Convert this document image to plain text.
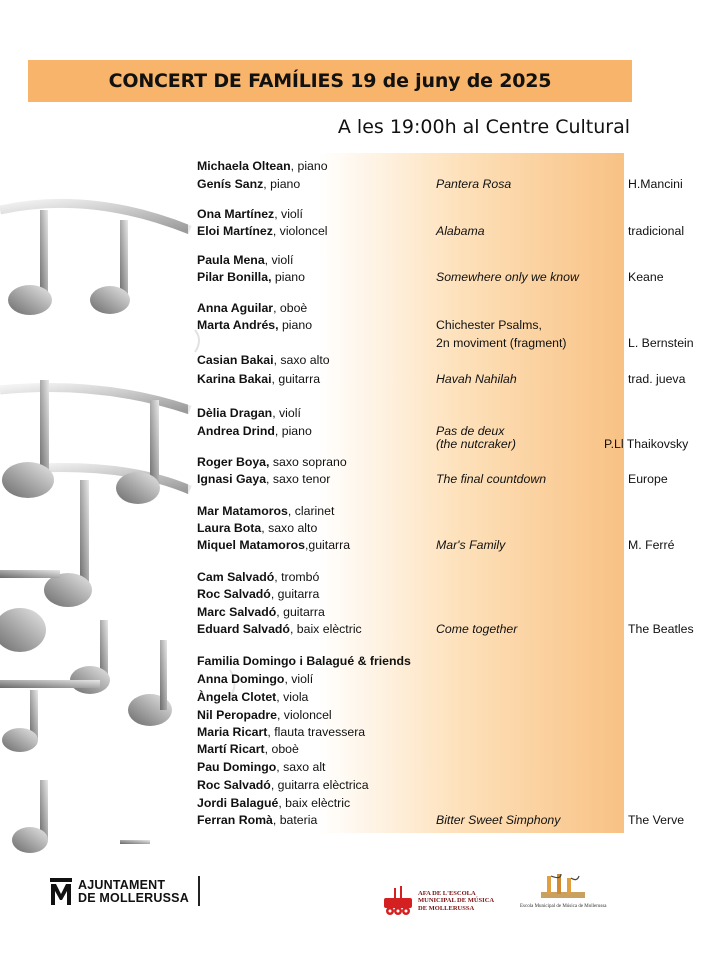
CONCERT DE FAMÍLIES 19 de juny de 2025
A les 19:00h al Centre Cultural
Michaela Oltean, piano
Genís Sanz, piano	Pantera Rosa	H.Mancini
Ona Martínez, violí
Eloi Martínez, violoncel	Alabama	tradicional
Paula Mena, violí
Pilar Bonilla, piano	Somewhere only we know	Keane
Anna Aguilar, oboè
Marta Andrés, piano	Chichester Psalms,
2n moviment (fragment)	L. Bernstein
Casian Bakai, saxo alto
Karina Bakai, guitarra	Havah Nahilah	trad. jueva
Dèlia Dragan, violí
Andrea Drind, piano	Pas de deux
(the nutcraker)	P.Ll Thaikovsky
Roger Boya, saxo soprano
Ignasi Gaya, saxo tenor	The final countdown	Europe
Mar Matamoros, clarinet
Laura Bota, saxo alto
Miquel Matamoros,guitarra	Mar's Family	M. Ferré
Cam Salvadó, trombó
Roc Salvadó, guitarra
Marc Salvadó, guitarra
Eduard Salvadó, baix elèctric	Come together	The Beatles
Familia Domingo i Balagué & friends
Anna Domingo, violí
Àngela Clotet, viola
Nil Peropadre, violoncel
Maria Ricart, flauta travessera
Martí Ricart, oboè
Pau Domingo, saxo alt
Roc Salvadó, guitarra elèctrica
Jordi Balagué, baix elèctric
Ferran Romà, bateria	Bitter Sweet Simphony	The Verve
AJUNTAMENT
DE MOLLERUSSA	AFA DE L'ESCOLA
MUNICIPAL DE MÚSICA
DE MOLLERUSSA	Escola Municipal de Música de Mollerussa
